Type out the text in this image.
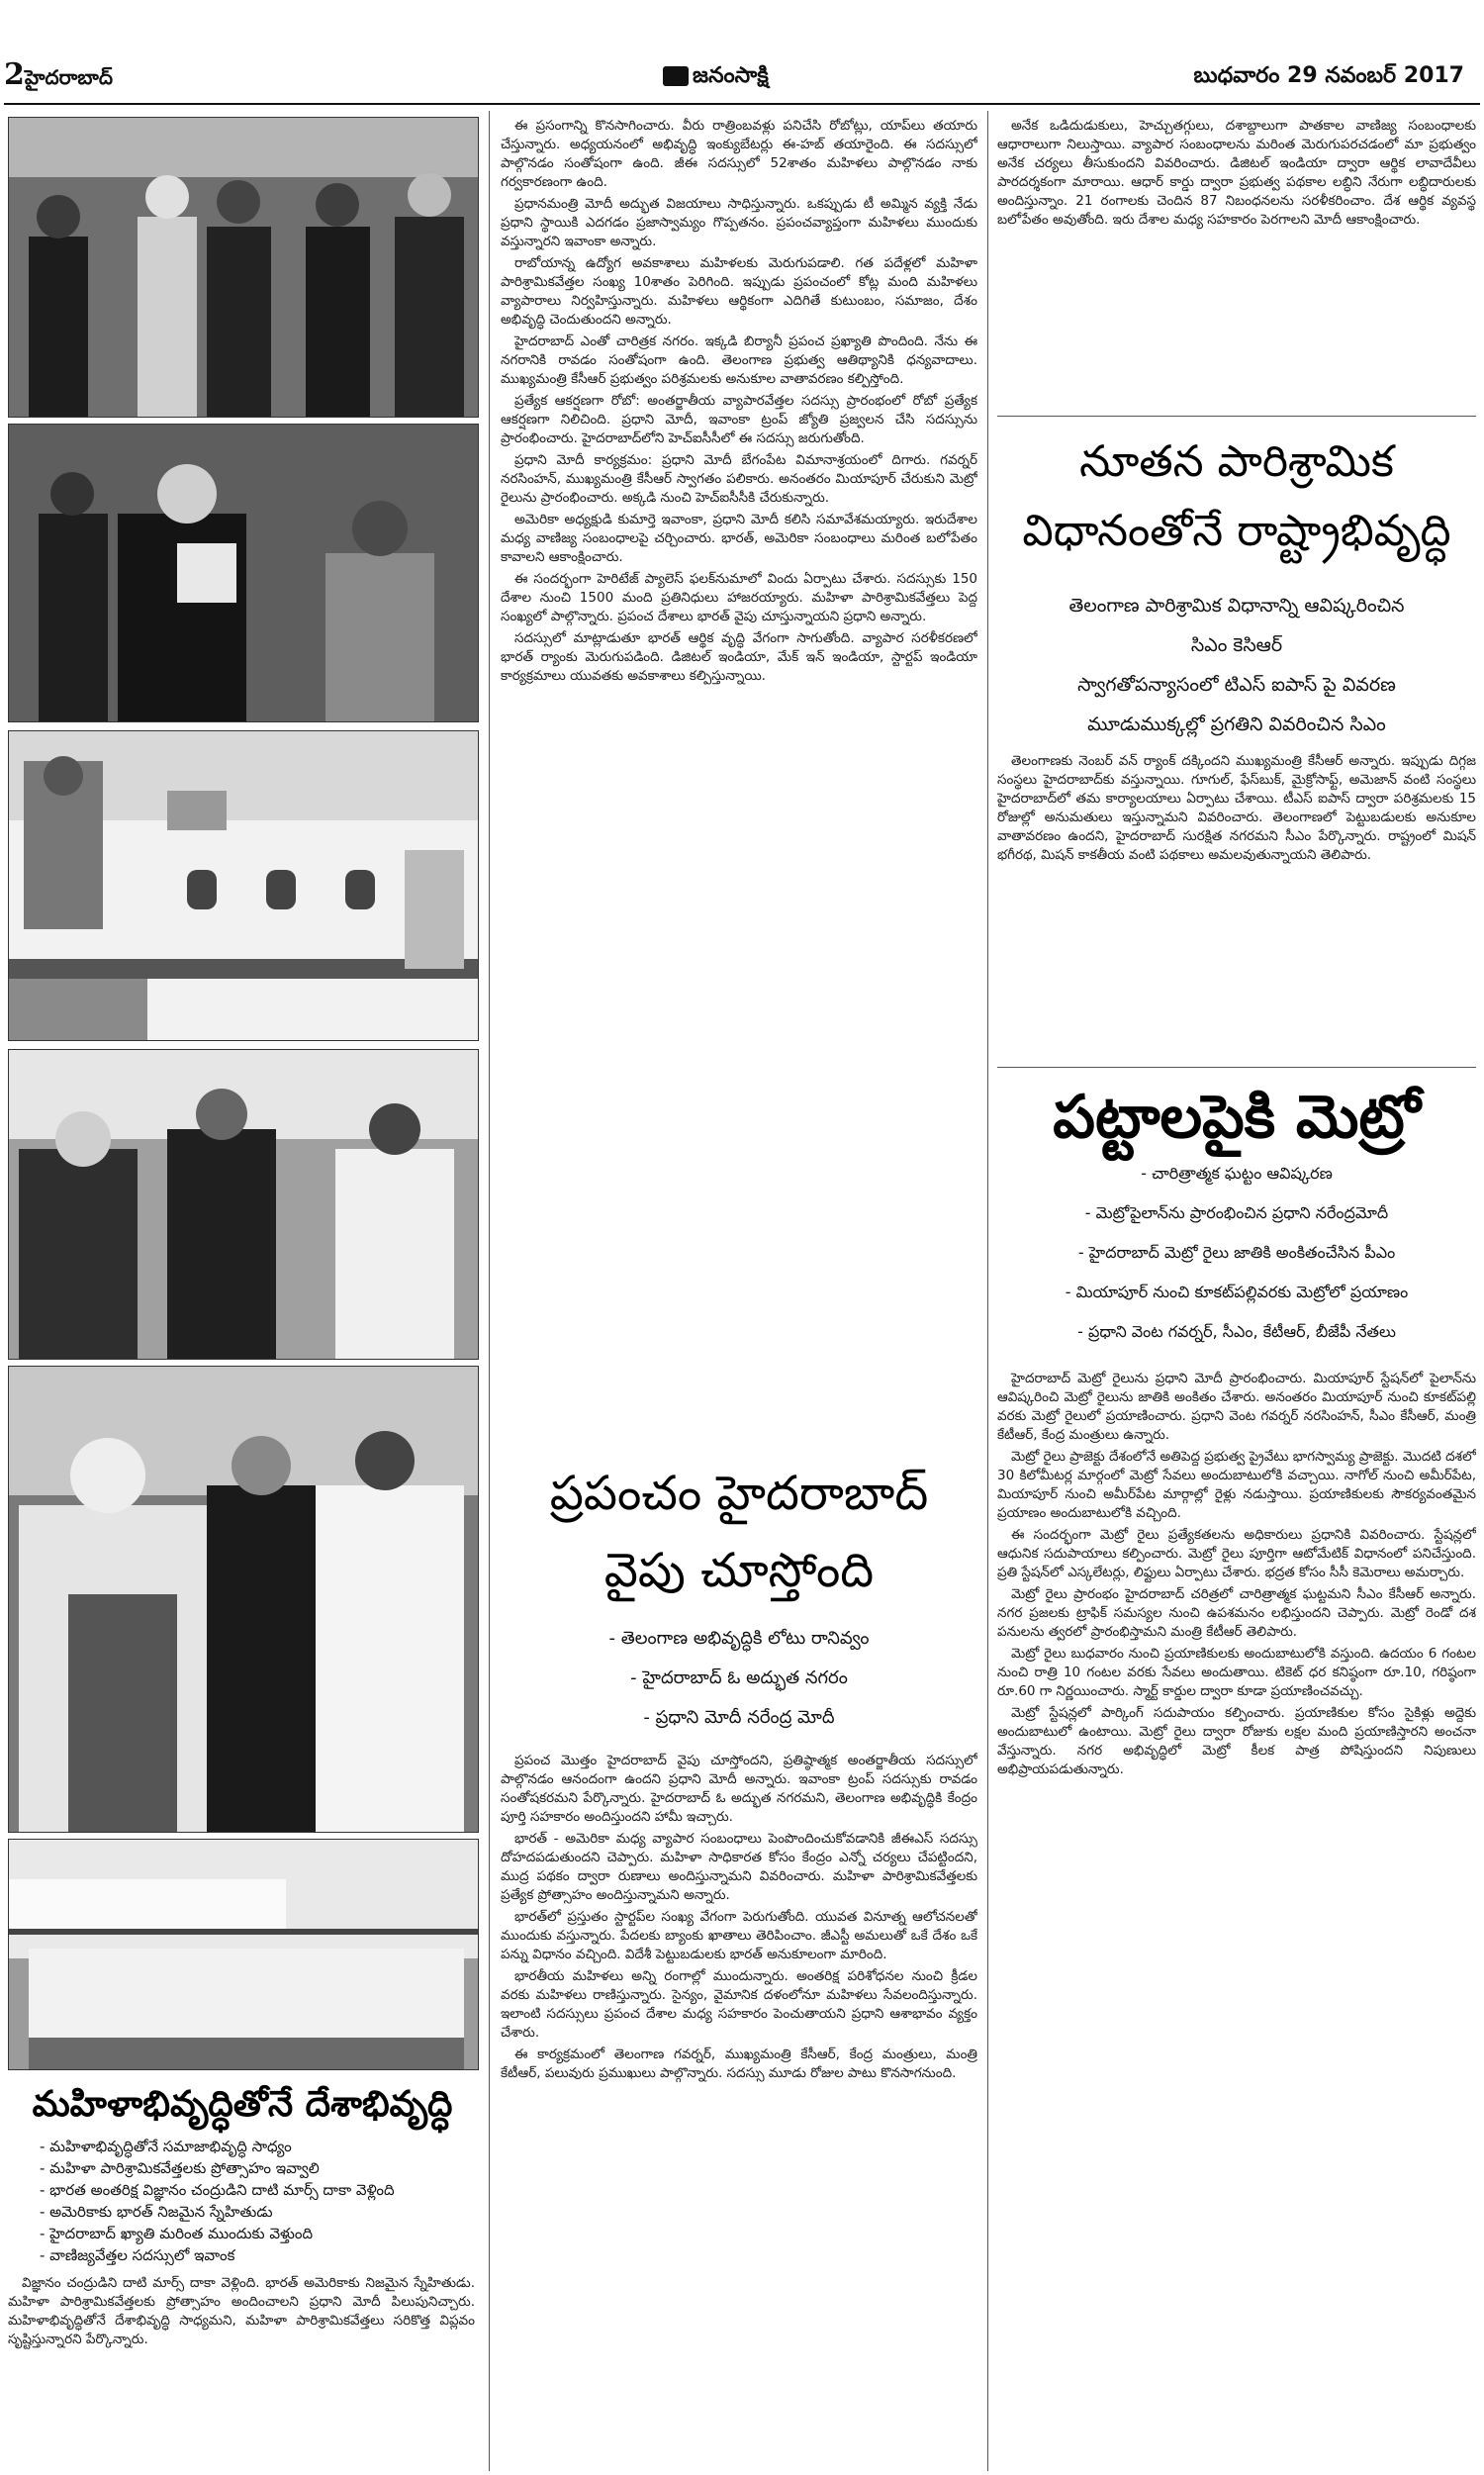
2హైదరాబాద్	జనంసాక్షి	బుధవారం 29 నవంబర్ 2017
మహిళాభివృద్ధితోనే దేశాభివృద్ధి
- మహిళాభివృద్ధితోనే సమాజాభివృద్ధి సాధ్యం
- మహిళా పారిశ్రామికవేత్తలకు ప్రోత్సాహం ఇవ్వాలి
- భారత అంతరిక్ష విజ్ఞానం చంద్రుడిని దాటి మార్స్ దాకా వెళ్లింది
- అమెరికాకు భారత్ నిజమైన స్నేహితుడు
- హైదరాబాద్ ఖ్యాతి మరింత ముందుకు వెళ్తుంది
- వాణిజ్యవేత్తల సదస్సులో ఇవాంక

విజ్ఞానం చంద్రుడిని దాటి మార్స్ దాకా వెళ్లింది. భారత్ అమెరికాకు నిజమైన స్నేహితుడు. మహిళా పారిశ్రామికవేత్తలకు ప్రోత్సాహం అందించాలని ప్రధాని మోదీ పిలుపునిచ్చారు. మహిళాభివృద్ధితోనే దేశాభివృద్ధి సాధ్యమని, మహిళా పారిశ్రామికవేత్తలు సరికొత్త విప్లవం సృష్టిస్తున్నారని పేర్కొన్నారు.

ఈ ప్రసంగాన్ని కొనసాగించారు. వీరు రాత్రింబవళ్లు పనిచేసి రోబోట్లు, యాప్‌లు తయారు చేస్తున్నారు. అధ్యయనంలో అభివృద్ధి ఇంక్యుబేటర్లు ఈ-హబ్ తయారైంది. ఈ సదస్సులో పాల్గొనడం సంతోషంగా ఉంది. జీఈ సదస్సులో 52శాతం మహిళలు పాల్గొనడం నాకు గర్వకారణంగా ఉంది.

ప్రధానమంత్రి మోదీ అద్భుత విజయాలు సాధిస్తున్నారు. ఒకప్పుడు టీ అమ్మిన వ్యక్తి నేడు ప్రధాని స్థాయికి ఎదగడం ప్రజాస్వామ్యం గొప్పతనం. ప్రపంచవ్యాప్తంగా మహిళలు ముందుకు వస్తున్నారని ఇవాంకా అన్నారు.

రాబోయాన్న ఉద్యోగ అవకాశాలు మహిళలకు మెరుగుపడాలి. గత పదేళ్లలో మహిళా పారిశ్రామికవేత్తల సంఖ్య 10శాతం పెరిగింది. ఇప్పుడు ప్రపంచంలో కోట్ల మంది మహిళలు వ్యాపారాలు నిర్వహిస్తున్నారు. మహిళలు ఆర్థికంగా ఎదిగితే కుటుంబం, సమాజం, దేశం అభివృద్ధి చెందుతుందని అన్నారు.

హైదరాబాద్ ఎంతో చారిత్రక నగరం. ఇక్కడి బిర్యానీ ప్రపంచ ప్రఖ్యాతి పొందింది. నేను ఈ నగరానికి రావడం సంతోషంగా ఉంది. తెలంగాణ ప్రభుత్వ ఆతిథ్యానికి ధన్యవాదాలు. ముఖ్యమంత్రి కేసీఆర్ ప్రభుత్వం పరిశ్రమలకు అనుకూల వాతావరణం కల్పిస్తోంది.

ప్రత్యేక ఆకర్షణగా రోబో: అంతర్జాతీయ వ్యాపారవేత్తల సదస్సు ప్రారంభంలో రోబో ప్రత్యేక ఆకర్షణగా నిలిచింది. ప్రధాని మోదీ, ఇవాంకా ట్రంప్ జ్యోతి ప్రజ్వలన చేసి సదస్సును ప్రారంభించారు. హైదరాబాద్‌లోని హెచ్ఐసీసీలో ఈ సదస్సు జరుగుతోంది.

ప్రధాని మోదీ కార్యక్రమం: ప్రధాని మోదీ బేగంపేట విమానాశ్రయంలో దిగారు. గవర్నర్ నరసింహన్, ముఖ్యమంత్రి కేసీఆర్ స్వాగతం పలికారు. అనంతరం మియాపూర్ చేరుకుని మెట్రో రైలును ప్రారంభించారు. అక్కడి నుంచి హెచ్ఐసీసీకి చేరుకున్నారు.

అమెరికా అధ్యక్షుడి కుమార్తె ఇవాంకా, ప్రధాని మోదీ కలిసి సమావేశమయ్యారు. ఇరుదేశాల మధ్య వాణిజ్య సంబంధాలపై చర్చించారు. భారత్, అమెరికా సంబంధాలు మరింత బలోపేతం కావాలని ఆకాంక్షించారు.

ఈ సందర్భంగా హెరిటేజ్ ప్యాలెస్ ఫలక్‌నుమాలో విందు ఏర్పాటు చేశారు. సదస్సుకు 150 దేశాల నుంచి 1500 మంది ప్రతినిధులు హాజరయ్యారు. మహిళా పారిశ్రామికవేత్తలు పెద్ద సంఖ్యలో పాల్గొన్నారు. ప్రపంచ దేశాలు భారత్ వైపు చూస్తున్నాయని ప్రధాని అన్నారు.

సదస్సులో మాట్లాడుతూ భారత్ ఆర్థిక వృద్ధి వేగంగా సాగుతోంది. వ్యాపార సరళీకరణలో భారత్ ర్యాంకు మెరుగుపడింది. డిజిటల్ ఇండియా, మేక్ ఇన్ ఇండియా, స్టార్టప్ ఇండియా కార్యక్రమాలు యువతకు అవకాశాలు కల్పిస్తున్నాయి.

ప్రపంచం హైదరాబాద్
వైపు చూస్తోంది
- తెలంగాణ అభివృద్ధికి లోటు రానివ్వం
- హైదరాబాద్ ఓ అద్భుత నగరం
- ప్రధాని మోదీ నరేంద్ర మోదీ

ప్రపంచ మొత్తం హైదరాబాద్ వైపు చూస్తోందని, ప్రతిష్ఠాత్మక అంతర్జాతీయ సదస్సులో పాల్గొనడం ఆనందంగా ఉందని ప్రధాని మోదీ అన్నారు. ఇవాంకా ట్రంప్ సదస్సుకు రావడం సంతోషకరమని పేర్కొన్నారు. హైదరాబాద్ ఓ అద్భుత నగరమని, తెలంగాణ అభివృద్ధికి కేంద్రం పూర్తి సహకారం అందిస్తుందని హామీ ఇచ్చారు.

భారత్ - అమెరికా మధ్య వ్యాపార సంబంధాలు పెంపొందించుకోవడానికి జీఈఎస్ సదస్సు దోహదపడుతుందని చెప్పారు. మహిళా సాధికారత కోసం కేంద్రం ఎన్నో చర్యలు చేపట్టిందని, ముద్ర పథకం ద్వారా రుణాలు అందిస్తున్నామని వివరించారు. మహిళా పారిశ్రామికవేత్తలకు ప్రత్యేక ప్రోత్సాహం అందిస్తున్నామని అన్నారు.

భారత్‌లో ప్రస్తుతం స్టార్టప్‌ల సంఖ్య వేగంగా పెరుగుతోంది. యువత వినూత్న ఆలోచనలతో ముందుకు వస్తున్నారు. పేదలకు బ్యాంకు ఖాతాలు తెరిపించాం. జీఎస్టీ అమలుతో ఒకే దేశం ఒకే పన్ను విధానం వచ్చింది. విదేశీ పెట్టుబడులకు భారత్ అనుకూలంగా మారింది.

భారతీయ మహిళలు అన్ని రంగాల్లో ముందున్నారు. అంతరిక్ష పరిశోధనల నుంచి క్రీడల వరకు మహిళలు రాణిస్తున్నారు. సైన్యం, వైమానిక దళంలోనూ మహిళలు సేవలందిస్తున్నారు. ఇలాంటి సదస్సులు ప్రపంచ దేశాల మధ్య సహకారం పెంచుతాయని ప్రధాని ఆశాభావం వ్యక్తం చేశారు.

ఈ కార్యక్రమంలో తెలంగాణ గవర్నర్, ముఖ్యమంత్రి కేసీఆర్, కేంద్ర మంత్రులు, మంత్రి కేటీఆర్, పలువురు ప్రముఖులు పాల్గొన్నారు. సదస్సు మూడు రోజుల పాటు కొనసాగనుంది.

అనేక ఒడిదుడుకులు, హెచ్చుతగ్గులు, దశాబ్దాలుగా పాతకాల వాణిజ్య సంబంధాలకు ఆధారాలుగా నిలుస్తాయి. వ్యాపార సంబంధాలను మరింత మెరుగుపరచడంలో మా ప్రభుత్వం అనేక చర్యలు తీసుకుందని వివరించారు. డిజిటల్ ఇండియా ద్వారా ఆర్థిక లావాదేవీలు పారదర్శకంగా మారాయి. ఆధార్ కార్డు ద్వారా ప్రభుత్వ పథకాల లబ్ధిని నేరుగా లబ్ధిదారులకు అందిస్తున్నాం. 21 రంగాలకు చెందిన 87 నిబంధనలను సరళీకరించాం. దేశ ఆర్థిక వ్యవస్థ బలోపేతం అవుతోంది. ఇరు దేశాల మధ్య సహకారం పెరగాలని మోదీ ఆకాంక్షించారు.

నూతన పారిశ్రామిక
విధానంతోనే రాష్ట్రాభివృద్ధి
తెలంగాణ పారిశ్రామిక విధానాన్ని ఆవిష్కరించిన
సిఎం కెసిఆర్
స్వాగతోపన్యాసంలో టిఎస్ ఐపాస్ పై వివరణ
మూడుముక్కల్లో ప్రగతిని వివరించిన సిఎం

తెలంగాణకు నెంబర్ వన్ ర్యాంక్ దక్కిందని ముఖ్యమంత్రి కేసీఆర్ అన్నారు. ఇప్పుడు దిగ్గజ సంస్థలు హైదరాబాద్‌కు వస్తున్నాయి. గూగుల్, ఫేస్‌బుక్, మైక్రోసాఫ్ట్, అమెజాన్ వంటి సంస్థలు హైదరాబాద్‌లో తమ కార్యాలయాలు ఏర్పాటు చేశాయి. టీఎస్ ఐపాస్ ద్వారా పరిశ్రమలకు 15 రోజుల్లో అనుమతులు ఇస్తున్నామని వివరించారు. తెలంగాణలో పెట్టుబడులకు అనుకూల వాతావరణం ఉందని, హైదరాబాద్ సురక్షిత నగరమని సీఎం పేర్కొన్నారు. రాష్ట్రంలో మిషన్ భగీరథ, మిషన్ కాకతీయ వంటి పథకాలు అమలవుతున్నాయని తెలిపారు.

పట్టాలపైకి మెట్రో
- చారిత్రాత్మక ఘట్టం ఆవిష్కరణ
- మెట్రోపైలాన్‌ను ప్రారంభించిన ప్రధాని నరేంద్రమోదీ
- హైదరాబాద్ మెట్రో రైలు జాతికి అంకితంచేసిన పీఎం
- మియాపూర్ నుంచి కూకట్‌పల్లివరకు మెట్రోలో ప్రయాణం
- ప్రధాని వెంట గవర్నర్, సీఎం, కేటీఆర్, బీజేపీ నేతలు

హైదరాబాద్ మెట్రో రైలును ప్రధాని మోదీ ప్రారంభించారు. మియాపూర్ స్టేషన్‌లో పైలాన్‌ను ఆవిష్కరించి మెట్రో రైలును జాతికి అంకితం చేశారు. అనంతరం మియాపూర్ నుంచి కూకట్‌పల్లి వరకు మెట్రో రైలులో ప్రయాణించారు. ప్రధాని వెంట గవర్నర్ నరసింహన్, సీఎం కేసీఆర్, మంత్రి కేటీఆర్, కేంద్ర మంత్రులు ఉన్నారు.

మెట్రో రైలు ప్రాజెక్టు దేశంలోనే అతిపెద్ద ప్రభుత్వ ప్రైవేటు భాగస్వామ్య ప్రాజెక్టు. మొదటి దశలో 30 కిలోమీటర్ల మార్గంలో మెట్రో సేవలు అందుబాటులోకి వచ్చాయి. నాగోల్ నుంచి అమీర్‌పేట, మియాపూర్ నుంచి అమీర్‌పేట మార్గాల్లో రైళ్లు నడుస్తాయి. ప్రయాణికులకు సౌకర్యవంతమైన ప్రయాణం అందుబాటులోకి వచ్చింది.

ఈ సందర్భంగా మెట్రో రైలు ప్రత్యేకతలను అధికారులు ప్రధానికి వివరించారు. స్టేషన్లలో ఆధునిక సదుపాయాలు కల్పించారు. మెట్రో రైలు పూర్తిగా ఆటోమేటిక్ విధానంలో పనిచేస్తుంది. ప్రతి స్టేషన్‌లో ఎస్కలేటర్లు, లిఫ్టులు ఏర్పాటు చేశారు. భద్రత కోసం సీసీ కెమెరాలు అమర్చారు.

మెట్రో రైలు ప్రారంభం హైదరాబాద్ చరిత్రలో చారిత్రాత్మక ఘట్టమని సీఎం కేసీఆర్ అన్నారు. నగర ప్రజలకు ట్రాఫిక్ సమస్యల నుంచి ఉపశమనం లభిస్తుందని చెప్పారు. మెట్రో రెండో దశ పనులను త్వరలో ప్రారంభిస్తామని మంత్రి కేటీఆర్ తెలిపారు.

మెట్రో రైలు బుధవారం నుంచి ప్రయాణికులకు అందుబాటులోకి వస్తుంది. ఉదయం 6 గంటల నుంచి రాత్రి 10 గంటల వరకు సేవలు అందుతాయి. టికెట్ ధర కనిష్ఠంగా రూ.10, గరిష్ఠంగా రూ.60 గా నిర్ణయించారు. స్మార్ట్ కార్డుల ద్వారా కూడా ప్రయాణించవచ్చు.

మెట్రో స్టేషన్లలో పార్కింగ్ సదుపాయం కల్పించారు. ప్రయాణికుల కోసం సైకిళ్లు అద్దెకు అందుబాటులో ఉంటాయి. మెట్రో రైలు ద్వారా రోజుకు లక్షల మంది ప్రయాణిస్తారని అంచనా వేస్తున్నారు. నగర అభివృద్ధిలో మెట్రో కీలక పాత్ర పోషిస్తుందని నిపుణులు అభిప్రాయపడుతున్నారు.
